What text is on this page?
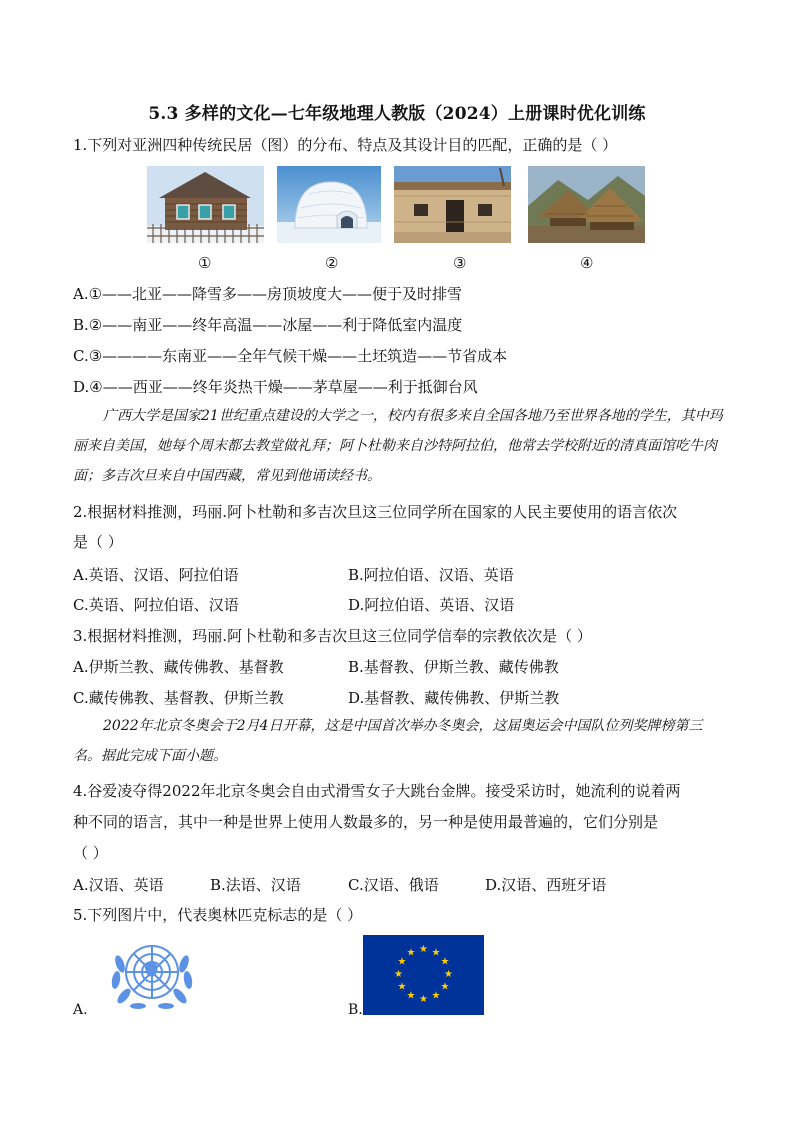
5.3 多样的文化—七年级地理人教版（2024）上册课时优化训练
1.下列对亚洲四种传统民居（图）的分布、特点及其设计目的匹配，正确的是（ ）
①	②	③	④
A.①——北亚——降雪多——房顶坡度大——便于及时排雪
B.②——南亚——终年高温——冰屋——利于降低室内温度
C.③————东南亚——全年气候干燥——土坯筑造——节省成本
D.④——西亚——终年炎热干燥——茅草屋——利于抵御台风
广西大学是国家21世纪重点建设的大学之一，校内有很多来自全国各地乃至世界各地的学生，其中玛丽来自美国，她每个周末都去教堂做礼拜；阿卜杜勒来自沙特阿拉伯，他常去学校附近的清真面馆吃牛肉面；多吉次旦来自中国西藏，常见到他诵读经书。
2.根据材料推测，玛丽.阿卜杜勒和多吉次旦这三位同学所在国家的人民主要使用的语言依次
是（ ）
A.英语、汉语、阿拉伯语	B.阿拉伯语、汉语、英语
C.英语、阿拉伯语、汉语	D.阿拉伯语、英语、汉语
3.根据材料推测，玛丽.阿卜杜勒和多吉次旦这三位同学信奉的宗教依次是（ ）
A.伊斯兰教、藏传佛教、基督教	B.基督教、伊斯兰教、藏传佛教
C.藏传佛教、基督教、伊斯兰教	D.基督教、藏传佛教、伊斯兰教
2022年北京冬奥会于2月4日开幕，这是中国首次举办冬奥会，这届奥运会中国队位列奖牌榜第三名。据此完成下面小题。
4.谷爱凌夺得2022年北京冬奥会自由式滑雪女子大跳台金牌。接受采访时，她流利的说着两
种不同的语言，其中一种是世界上使用人数最多的，另一种是使用最普遍的，它们分别是
（ ）
A.汉语、英语	B.法语、汉语	C.汉语、俄语	D.汉语、西班牙语
5.下列图片中，代表奥林匹克标志的是（ ）
A.	B.
★ ★
★
★
★
★
★
★
★
★
★
★
